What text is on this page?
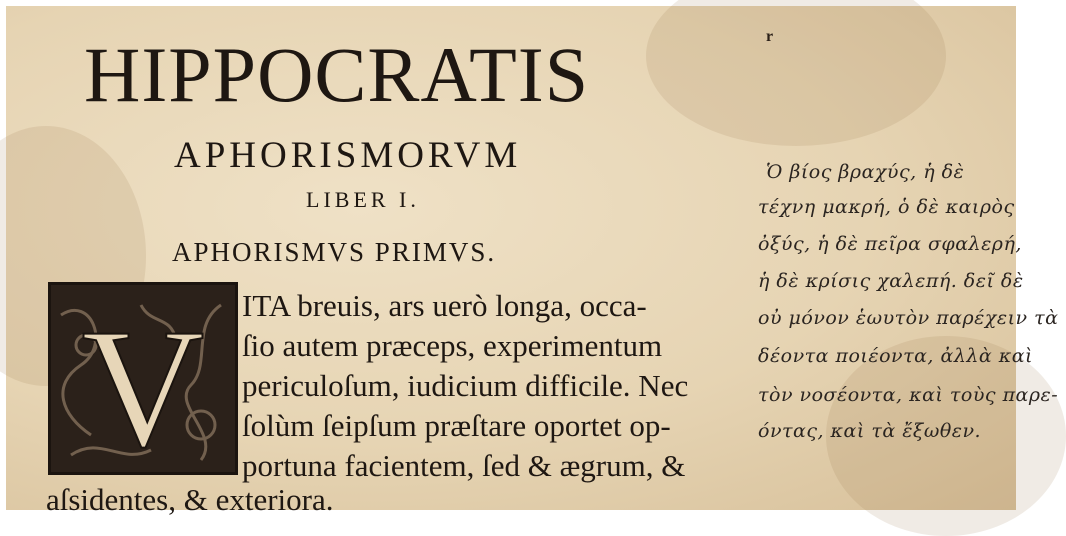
r
HIPPOCRATIS
APHORISMORVM
LIBER I.
APHORISMVS PRIMVS.
V ITA breuis, ars uerò longa, occa-
ſio autem præceps, experimentum
periculoſum, iudicium difficile. Nec
ſolùm ſeipſum præſtare oportet op-
portuna facientem, ſed & ægrum, &
aſsidentes, & exteriora.
Ὁ βίος βραχύς, ἡ δὲ
τέχνη μακρή, ὁ δὲ καιρὸς
ὀξύς, ἡ δὲ πεῖρα σφαλερή,
ἡ δὲ κρίσις χαλεπή. δεῖ δὲ
οὐ μόνον ἑωυτὸν παρέχειν τὰ
δέοντα ποιέοντα, ἀλλὰ καὶ
τὸν νοσέοντα, καὶ τοὺς παρε-
όντας, καὶ τὰ ἔξωθεν.
